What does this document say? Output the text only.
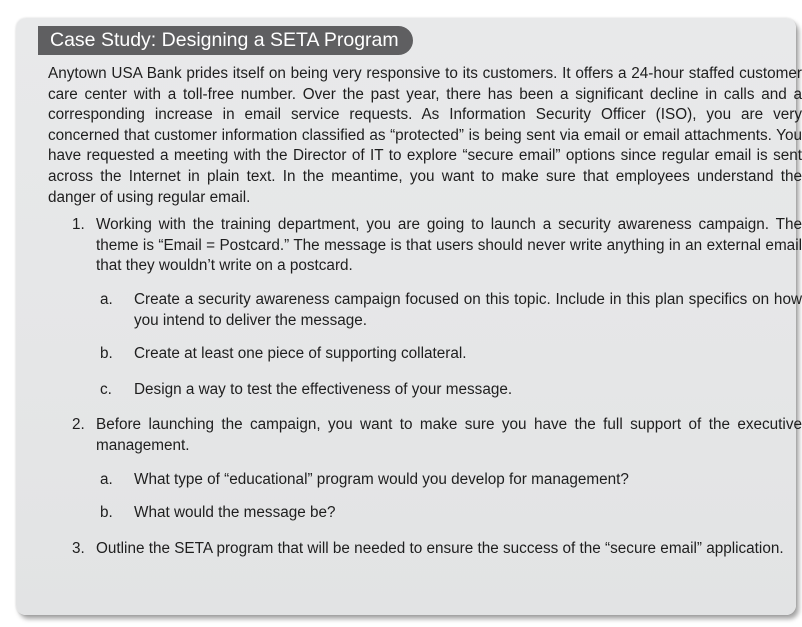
Case Study: Designing a SETA Program

Anytown USA Bank prides itself on being very responsive to its customers. It offers a 24-hour staffed customer care center with a toll-free number. Over the past year, there has been a significant decline in calls and a corresponding increase in email service requests. As Information Security Officer (ISO), you are very concerned that customer information classified as “protected” is being sent via email or email attachments. You have requested a meeting with the Director of IT to explore “secure email” options since regular email is sent across the Internet in plain text. In the meantime, you want to make sure that employees understand the danger of using regular email.

1. Working with the training department, you are going to launch a security awareness campaign. The theme is “Email = Postcard.” The message is that users should never write anything in an external email that they wouldn’t write on a postcard.
a. Create a security awareness campaign focused on this topic. Include in this plan specifics on how you intend to deliver the message.
b. Create at least one piece of supporting collateral.
c. Design a way to test the effectiveness of your message.
2. Before launching the campaign, you want to make sure you have the full support of the executive management.
a. What type of “educational” program would you develop for management?
b. What would the message be?
3. Outline the SETA program that will be needed to ensure the success of the “secure email” application.
